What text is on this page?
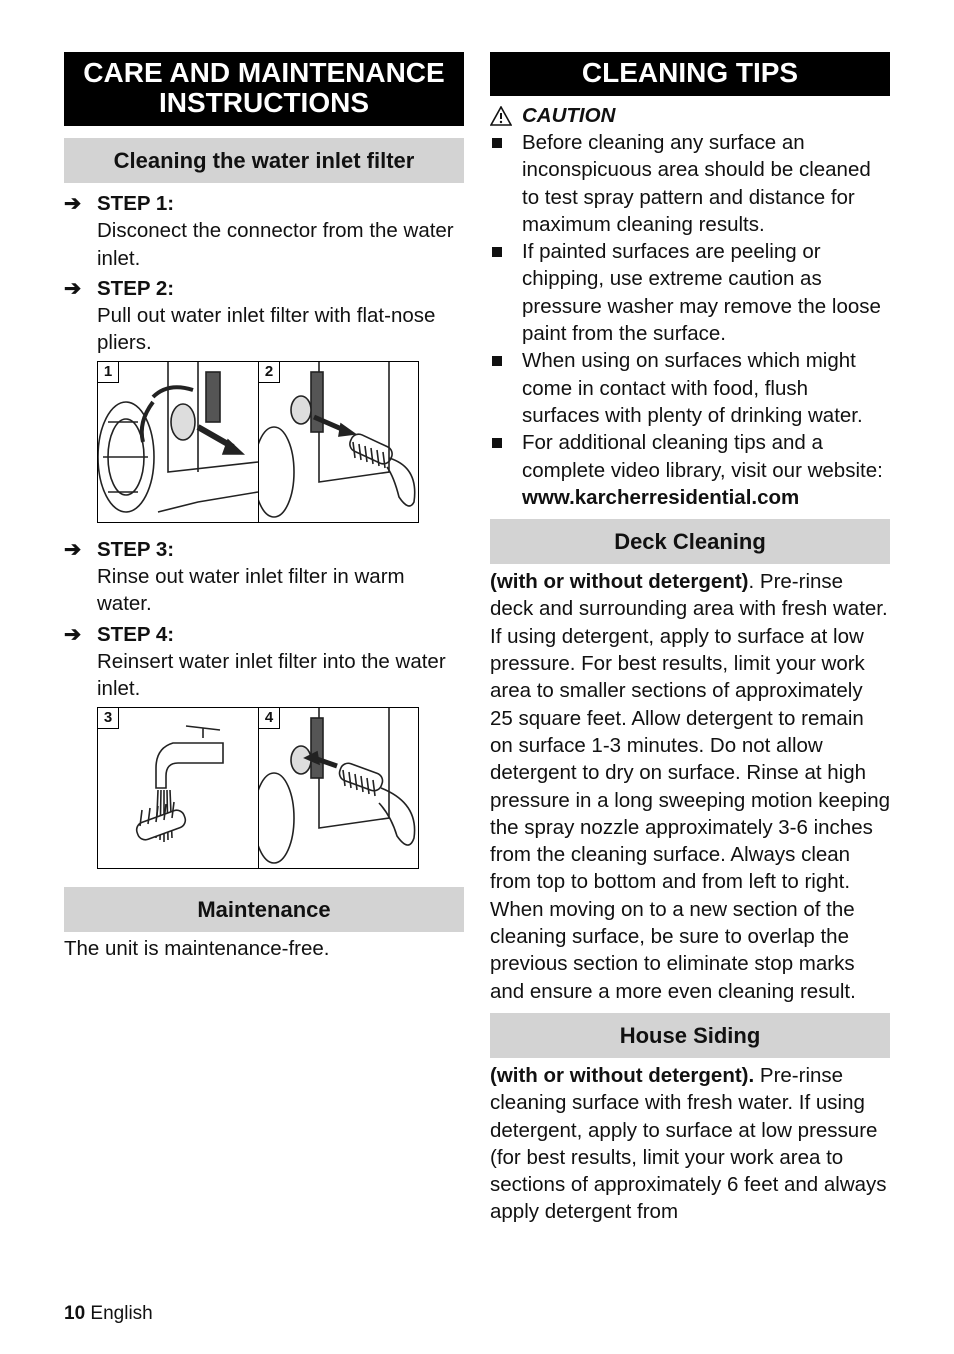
CARE AND MAINTENANCE INSTRUCTIONS
Cleaning the water inlet filter
➔ STEP 1:
Disconect the connector from the water inlet.
➔ STEP 2:
Pull out water inlet filter with flat-nose pliers.
1	2
➔ STEP 3:
Rinse out water inlet filter in warm water.
➔ STEP 4:
Reinsert water inlet filter into the water inlet.
3	4
Maintenance

The unit is maintenance-free.

CLEANING TIPS
CAUTION
Before cleaning any surface an inconspicuous area should be cleaned to test spray pattern and distance for maximum cleaning results.
If painted surfaces are peeling or chipping, use extreme caution as pressure washer may remove the loose paint from the surface.
When using on surfaces which might come in contact with food, flush surfaces with plenty of drinking water.
For additional cleaning tips and a complete video library, visit our website:
www.karcherresidential.com
Deck Cleaning

(with or without detergent). Pre-rinse deck and surrounding area with fresh water. If using detergent, apply to surface at low pressure. For best results, limit your work area to smaller sections of approximately 25 square feet. Allow detergent to remain on surface 1-3 minutes. Do not allow detergent to dry on surface. Rinse at high pressure in a long sweeping motion keeping the spray nozzle approximately 3-6 inches from the cleaning surface. Always clean from top to bottom and from left to right. When moving on to a new section of the cleaning surface, be sure to overlap the previous section to eliminate stop marks and ensure a more even cleaning result.

House Siding

(with or without detergent). Pre-rinse cleaning surface with fresh water. If using detergent, apply to surface at low pressure (for best results, limit your work area to sections of approximately 6 feet and always apply detergent from

10 English
